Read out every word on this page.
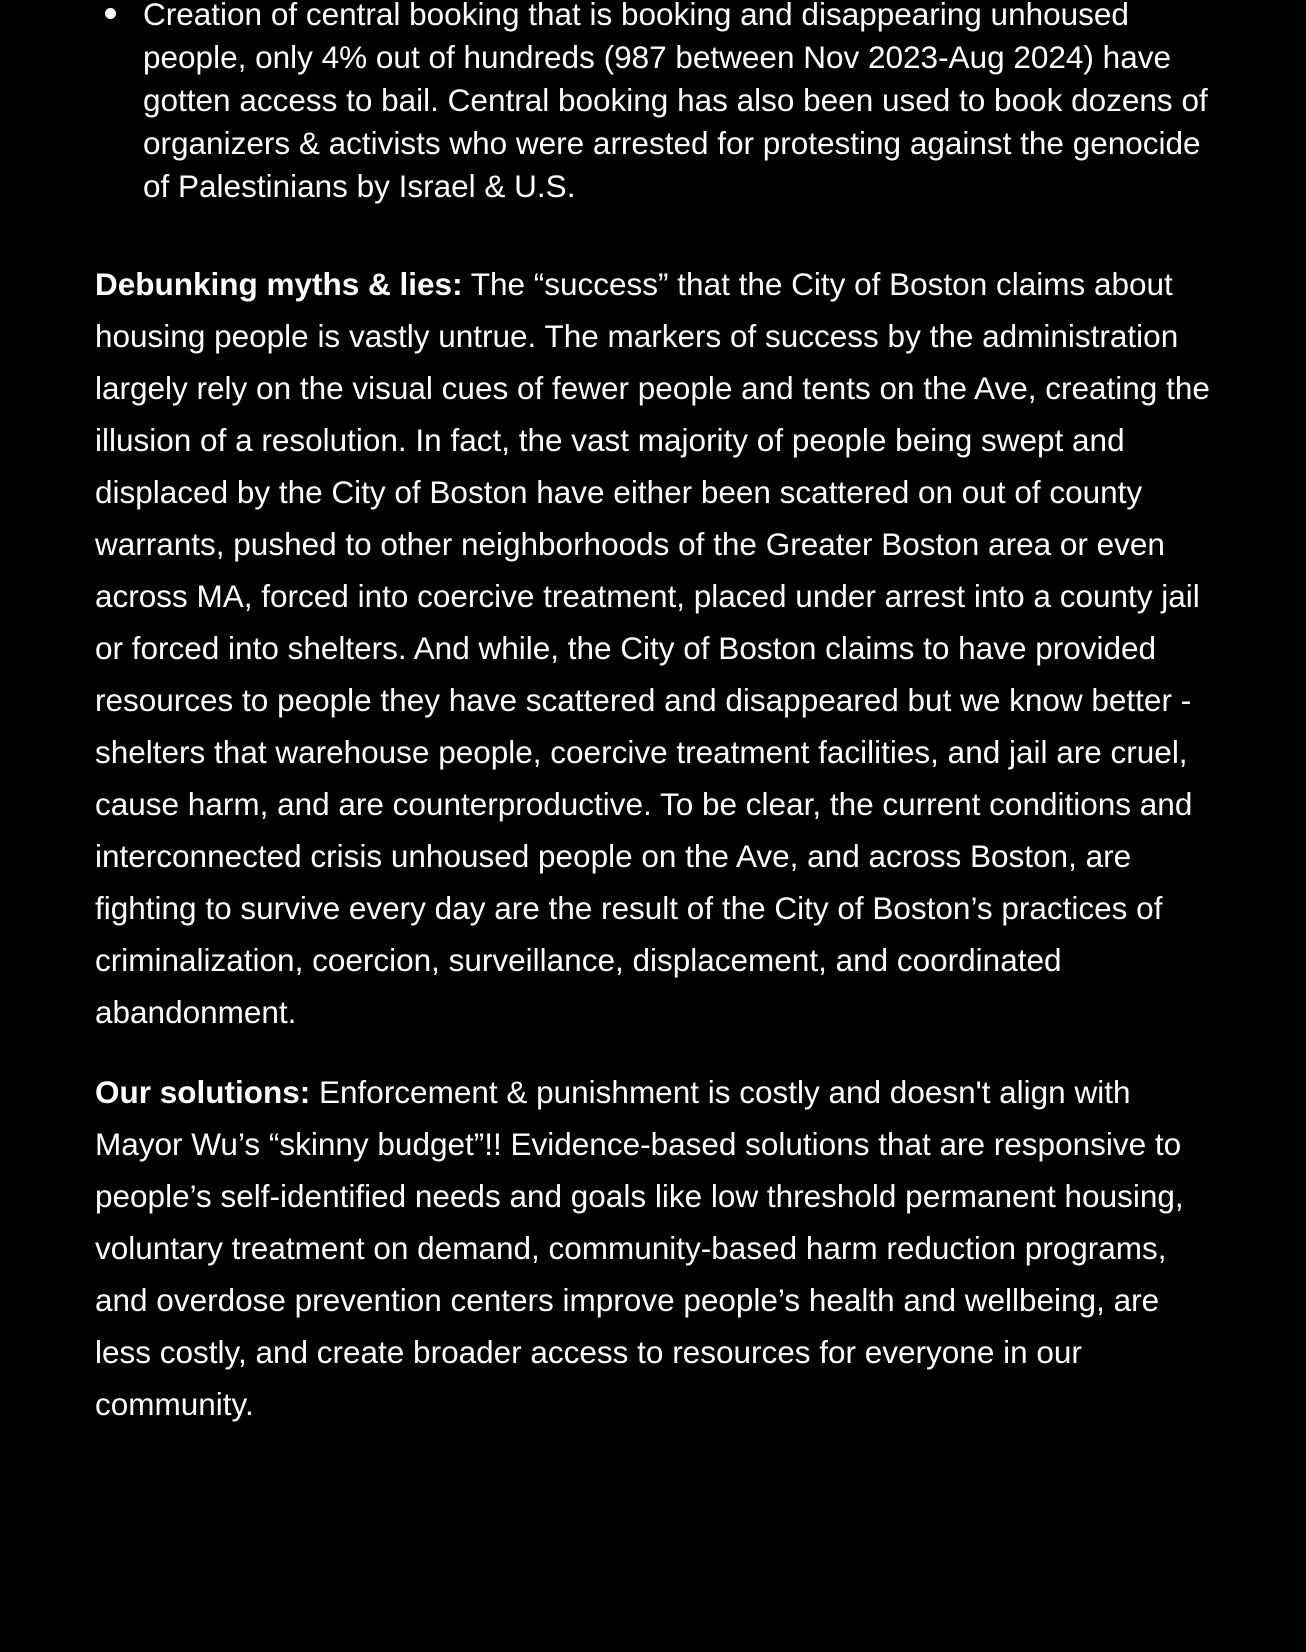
Creation of central booking that is booking and disappearing unhoused people, only 4% out of hundreds (987 between Nov 2023-Aug 2024) have gotten access to bail. Central booking has also been used to book dozens of organizers & activists who were arrested for protesting against the genocide of Palestinians by Israel & U.S.

Debunking myths & lies: The “success” that the City of Boston claims about housing people is vastly untrue. The markers of success by the administration largely rely on the visual cues of fewer people and tents on the Ave, creating the illusion of a resolution. In fact, the vast majority of people being swept and displaced by the City of Boston have either been scattered on out of county warrants, pushed to other neighborhoods of the Greater Boston area or even across MA, forced into coercive treatment, placed under arrest into a county jail or forced into shelters. And while, the City of Boston claims to have provided resources to people they have scattered and disappeared but we know better - shelters that warehouse people, coercive treatment facilities, and jail are cruel, cause harm, and are counterproductive. To be clear, the current conditions and interconnected crisis unhoused people on the Ave, and across Boston, are fighting to survive every day are the result of the City of Boston’s practices of criminalization, coercion, surveillance, displacement, and coordinated abandonment.

Our solutions: Enforcement & punishment is costly and doesn't align with Mayor Wu’s “skinny budget”!! Evidence-based solutions that are responsive to people’s self-identified needs and goals like low threshold permanent housing, voluntary treatment on demand, community-based harm reduction programs, and overdose prevention centers improve people’s health and wellbeing, are less costly, and create broader access to resources for everyone in our community.
